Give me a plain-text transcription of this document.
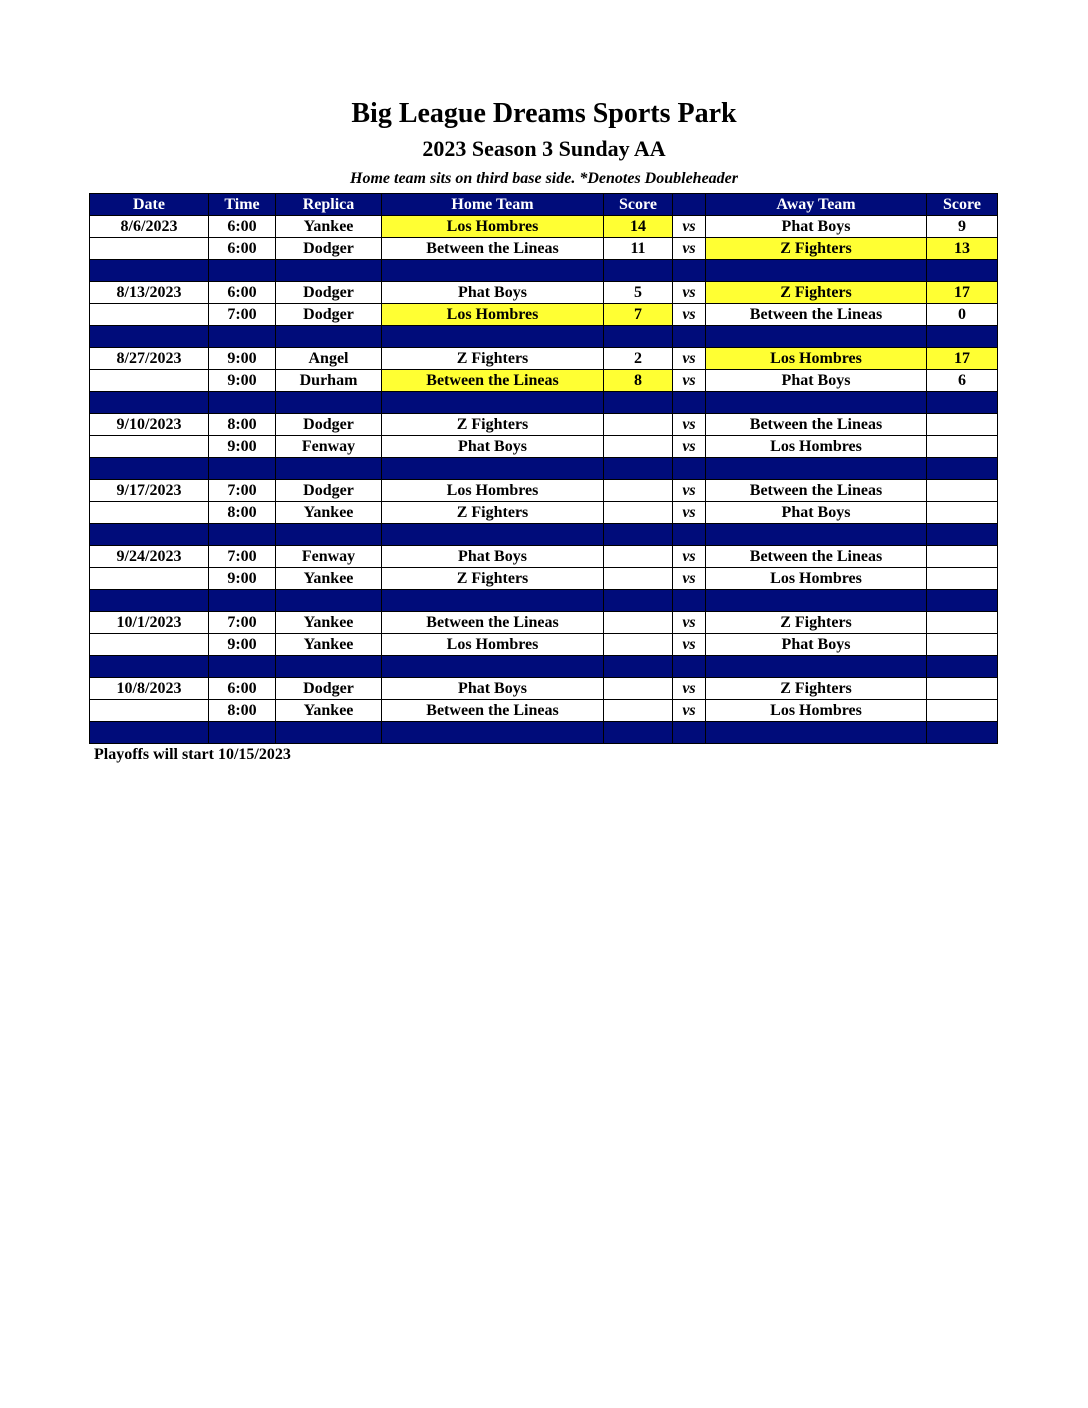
Big League Dreams Sports Park
2023 Season 3 Sunday AA
Home team sits on third base side. *Denotes Doubleheader
Date	Time	Replica	Home Team	Score		Away Team	Score
8/6/2023	6:00	Yankee	Los Hombres	14	vs	Phat Boys	9
	6:00	Dodger	Between the Lineas	11	vs	Z Fighters	13

8/13/2023	6:00	Dodger	Phat Boys	5	vs	Z Fighters	17
	7:00	Dodger	Los Hombres	7	vs	Between the Lineas	0

8/27/2023	9:00	Angel	Z Fighters	2	vs	Los Hombres	17
	9:00	Durham	Between the Lineas	8	vs	Phat Boys	6

9/10/2023	8:00	Dodger	Z Fighters		vs	Between the Lineas	
	9:00	Fenway	Phat Boys		vs	Los Hombres	

9/17/2023	7:00	Dodger	Los Hombres		vs	Between the Lineas	
	8:00	Yankee	Z Fighters		vs	Phat Boys	

9/24/2023	7:00	Fenway	Phat Boys		vs	Between the Lineas	
	9:00	Yankee	Z Fighters		vs	Los Hombres	

10/1/2023	7:00	Yankee	Between the Lineas		vs	Z Fighters	
	9:00	Yankee	Los Hombres		vs	Phat Boys	

10/8/2023	6:00	Dodger	Phat Boys		vs	Z Fighters	
	8:00	Yankee	Between the Lineas		vs	Los Hombres	

Playoffs will start 10/15/2023
